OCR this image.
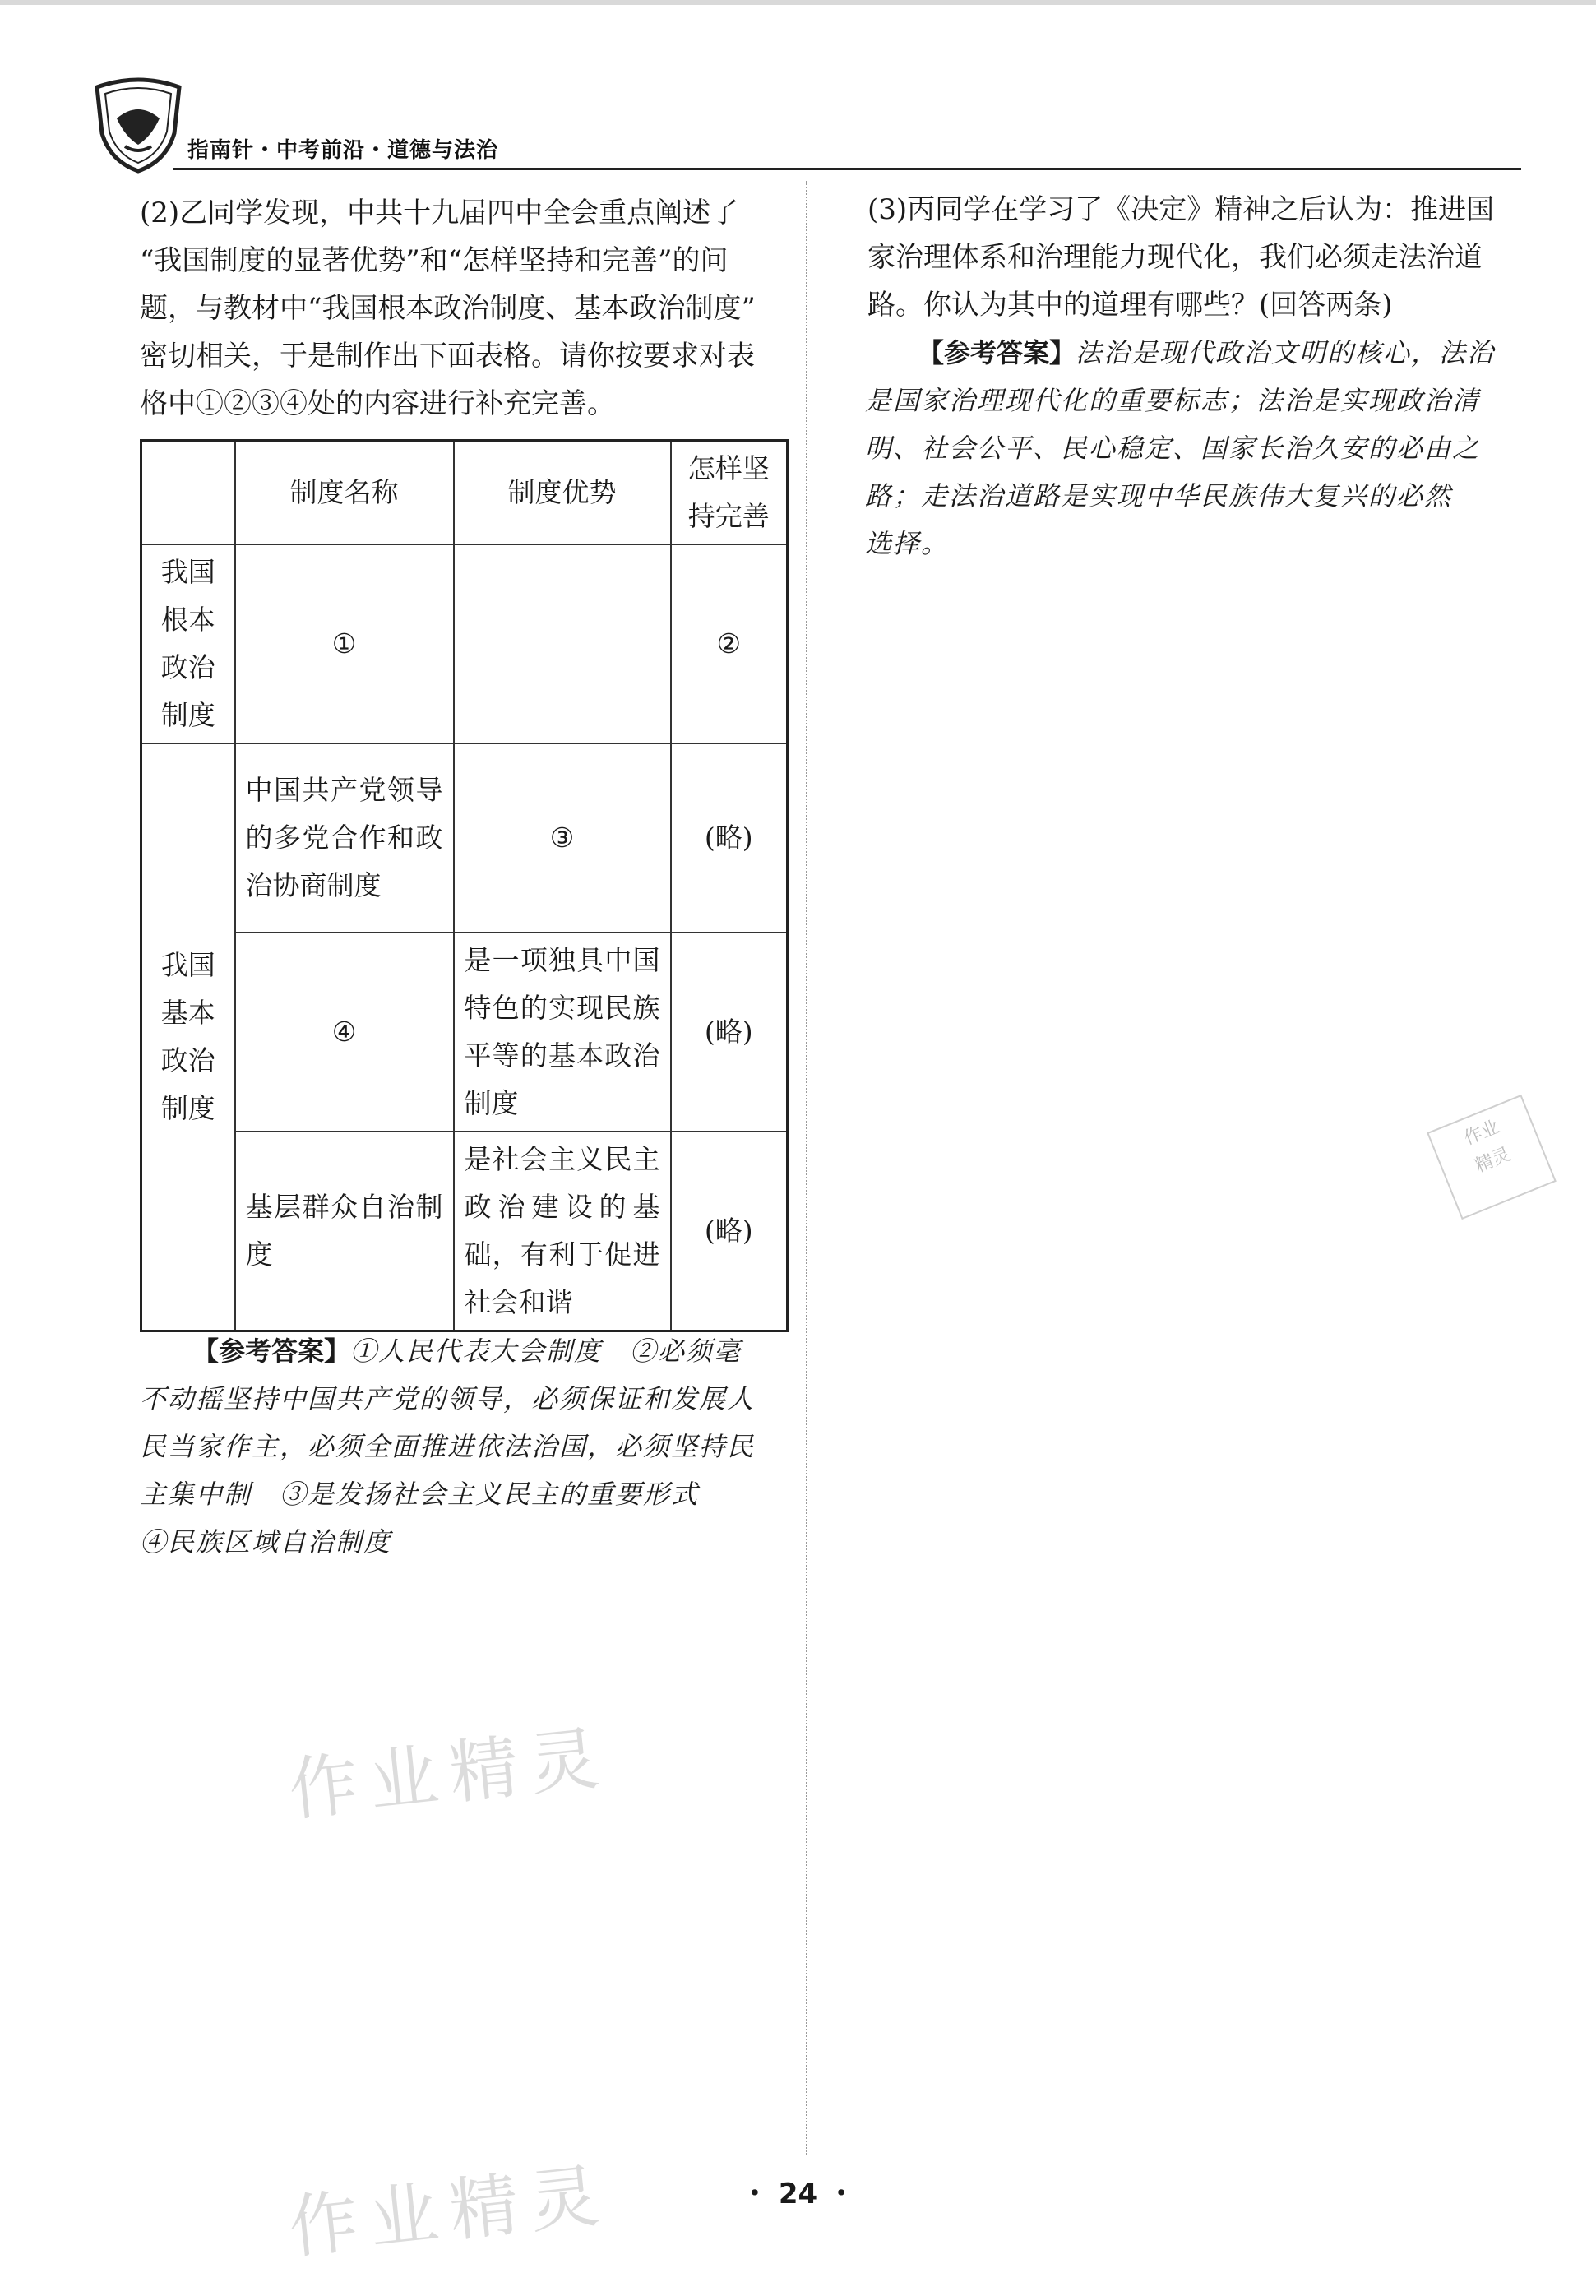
指南针・中考前沿・道德与法治

(2)乙同学发现，中共十九届四中全会重点阐述了

“我国制度的显著优势”和“怎样坚持和完善”的问

题，与教材中“我国根本政治制度、基本政治制度”

密切相关，于是制作出下面表格。请你按要求对表

格中①②③④处的内容进行补充完善。

	制度名称	制度优势	怎样坚持完善
我国根本政治制度	①		②
我国基本政治制度	中国共产党领导的多党合作和政治协商制度	③	(略)
	④	是一项独具中国特色的实现民族平等的基本政治制度	(略)
	基层群众自治制度	是社会主义民主政治建设的基础，有利于促进社会和谐	(略)
【参考答案】①人民代表大会制度　②必须毫
不动摇坚持中国共产党的领导，必须保证和发展人
民当家作主，必须全面推进依法治国，必须坚持民
主集中制　③是发扬社会主义民主的重要形式
④民族区域自治制度

(3)丙同学在学习了《决定》精神之后认为：推进国

家治理体系和治理能力现代化，我们必须走法治道

路。你认为其中的道理有哪些？(回答两条)

【参考答案】法治是现代政治文明的核心，法治
是国家治理现代化的重要标志；法治是实现政治清
明、社会公平、民心稳定、国家长治久安的必由之
路；走法治道路是实现中华民族伟大复兴的必然
选择。
作业精灵
作业精灵
作业
精灵
・ 24 ・
